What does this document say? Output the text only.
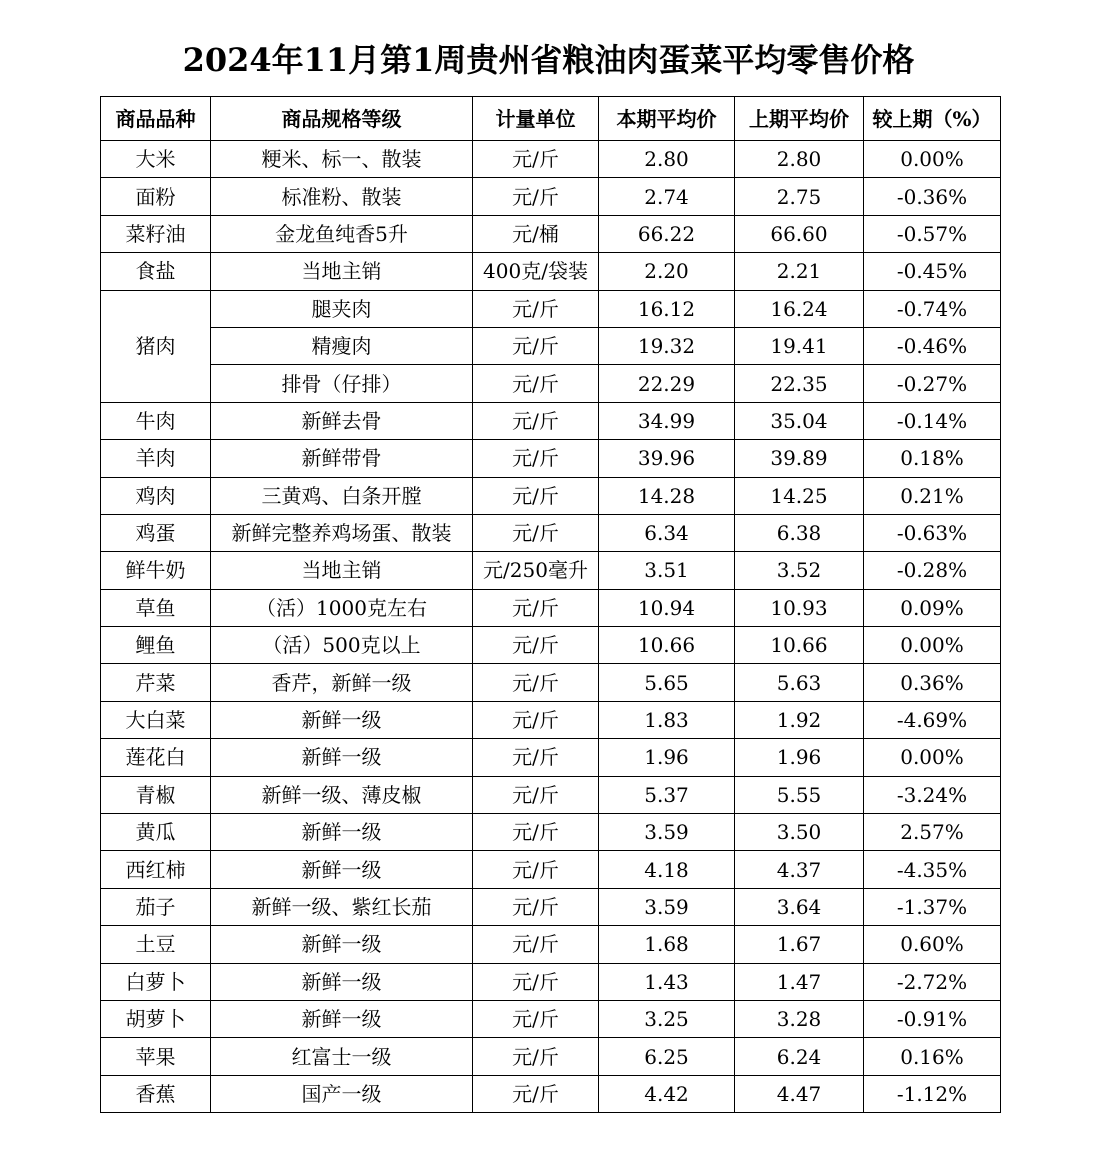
2024年11月第1周贵州省粮油肉蛋菜平均零售价格
商品品种	商品规格等级	计量单位	本期平均价	上期平均价	较上期（%）
大米	粳米、标一、散装	元/斤	2.80	2.80	0.00%
面粉	标准粉、散装	元/斤	2.74	2.75	-0.36%
菜籽油	金龙鱼纯香5升	元/桶	66.22	66.60	-0.57%
食盐	当地主销	400克/袋装	2.20	2.21	-0.45%
猪肉	腿夹肉	元/斤	16.12	16.24	-0.74%
	精瘦肉	元/斤	19.32	19.41	-0.46%
	排骨（仔排）	元/斤	22.29	22.35	-0.27%
牛肉	新鲜去骨	元/斤	34.99	35.04	-0.14%
羊肉	新鲜带骨	元/斤	39.96	39.89	0.18%
鸡肉	三黄鸡、白条开膛	元/斤	14.28	14.25	0.21%
鸡蛋	新鲜完整养鸡场蛋、散装	元/斤	6.34	6.38	-0.63%
鲜牛奶	当地主销	元/250毫升	3.51	3.52	-0.28%
草鱼	（活）1000克左右	元/斤	10.94	10.93	0.09%
鲤鱼	（活）500克以上	元/斤	10.66	10.66	0.00%
芹菜	香芹，新鲜一级	元/斤	5.65	5.63	0.36%
大白菜	新鲜一级	元/斤	1.83	1.92	-4.69%
莲花白	新鲜一级	元/斤	1.96	1.96	0.00%
青椒	新鲜一级、薄皮椒	元/斤	5.37	5.55	-3.24%
黄瓜	新鲜一级	元/斤	3.59	3.50	2.57%
西红柿	新鲜一级	元/斤	4.18	4.37	-4.35%
茄子	新鲜一级、紫红长茄	元/斤	3.59	3.64	-1.37%
土豆	新鲜一级	元/斤	1.68	1.67	0.60%
白萝卜	新鲜一级	元/斤	1.43	1.47	-2.72%
胡萝卜	新鲜一级	元/斤	3.25	3.28	-0.91%
苹果	红富士一级	元/斤	6.25	6.24	0.16%
香蕉	国产一级	元/斤	4.42	4.47	-1.12%
